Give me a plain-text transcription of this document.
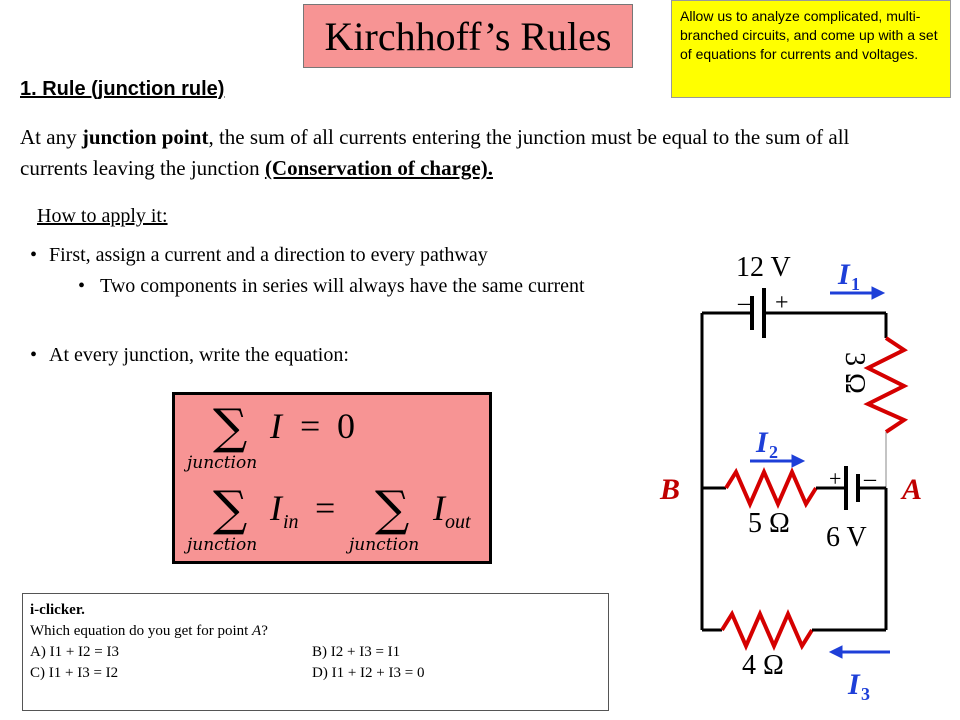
Kirchhoff’s Rules	Allow us to analyze complicated, multi-branched circuits, and come up with a set of equations for currents and voltages.
1. Rule (junction rule)
At any junction point, the sum of all currents entering the junction must be equal to the sum of all currents leaving the junction (Conservation of charge).
How to apply it:
• First, assign a current and a direction to every pathway
• Two components in series will always have the same current
• At every junction, write the equation:
∑
junction
I = 0
∑
junction
I in = ∑
junction
I out
12 V
– +
I 1
I 2
I 3
3 Ω
5 Ω 6 V
+ –
4 Ω
B	A
i-clicker.
Which equation do you get for point A?
A) I1 + I2 = I3	B) I2 + I3 = I1
C) I1 + I3 = I2	D) I1 + I2 + I3 = 0
